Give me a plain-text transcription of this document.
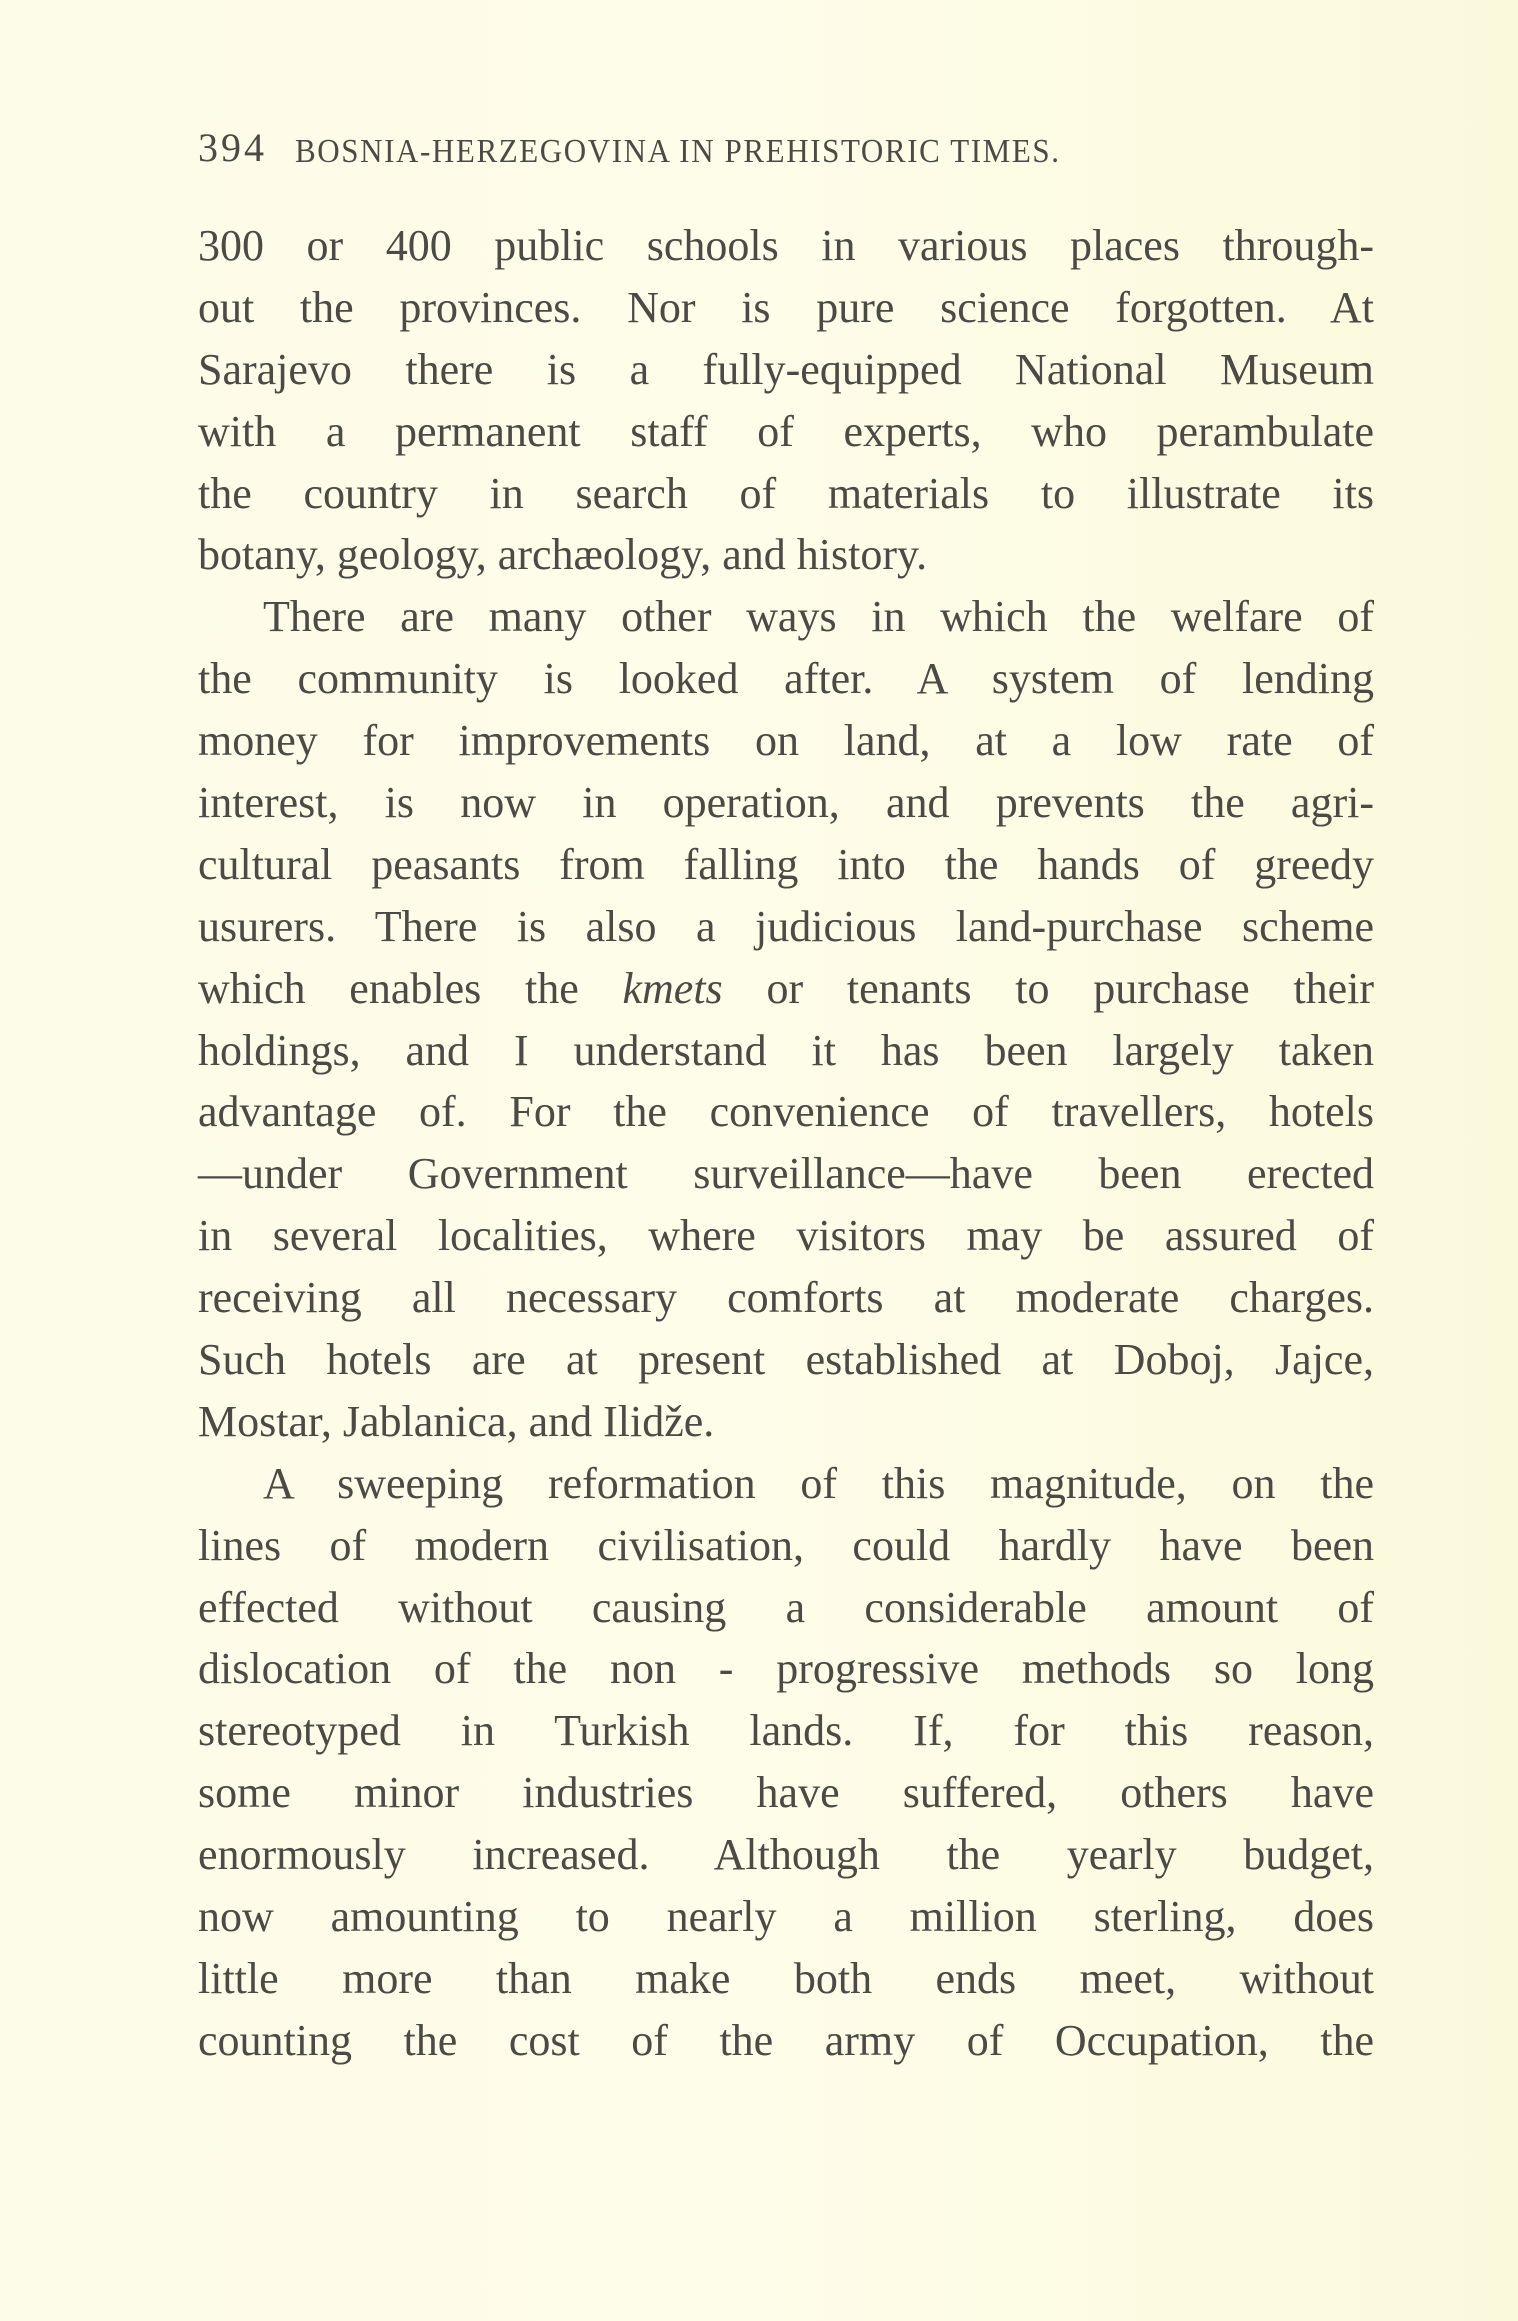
394 BOSNIA-HERZEGOVINA IN PREHISTORIC TIMES.
300 or 400 public schools in various places through-
out the provinces. Nor is pure science forgotten. At
Sarajevo there is a fully-equipped National Museum
with a permanent staff of experts, who perambulate
the country in search of materials to illustrate its
botany, geology, archæology, and history.
There are many other ways in which the welfare of
the community is looked after. A system of lending
money for improvements on land, at a low rate of
interest, is now in operation, and prevents the agri-
cultural peasants from falling into the hands of greedy
usurers. There is also a judicious land-purchase scheme
which enables the kmets or tenants to purchase their
holdings, and I understand it has been largely taken
advantage of. For the convenience of travellers, hotels
—under Government surveillance—have been erected
in several localities, where visitors may be assured of
receiving all necessary comforts at moderate charges.
Such hotels are at present established at Doboj, Jajce,
Mostar, Jablanica, and Ilidže.
A sweeping reformation of this magnitude, on the
lines of modern civilisation, could hardly have been
effected without causing a considerable amount of
dislocation of the non - progressive methods so long
stereotyped in Turkish lands. If, for this reason,
some minor industries have suffered, others have
enormously increased. Although the yearly budget,
now amounting to nearly a million sterling, does
little more than make both ends meet, without
counting the cost of the army of Occupation, the
